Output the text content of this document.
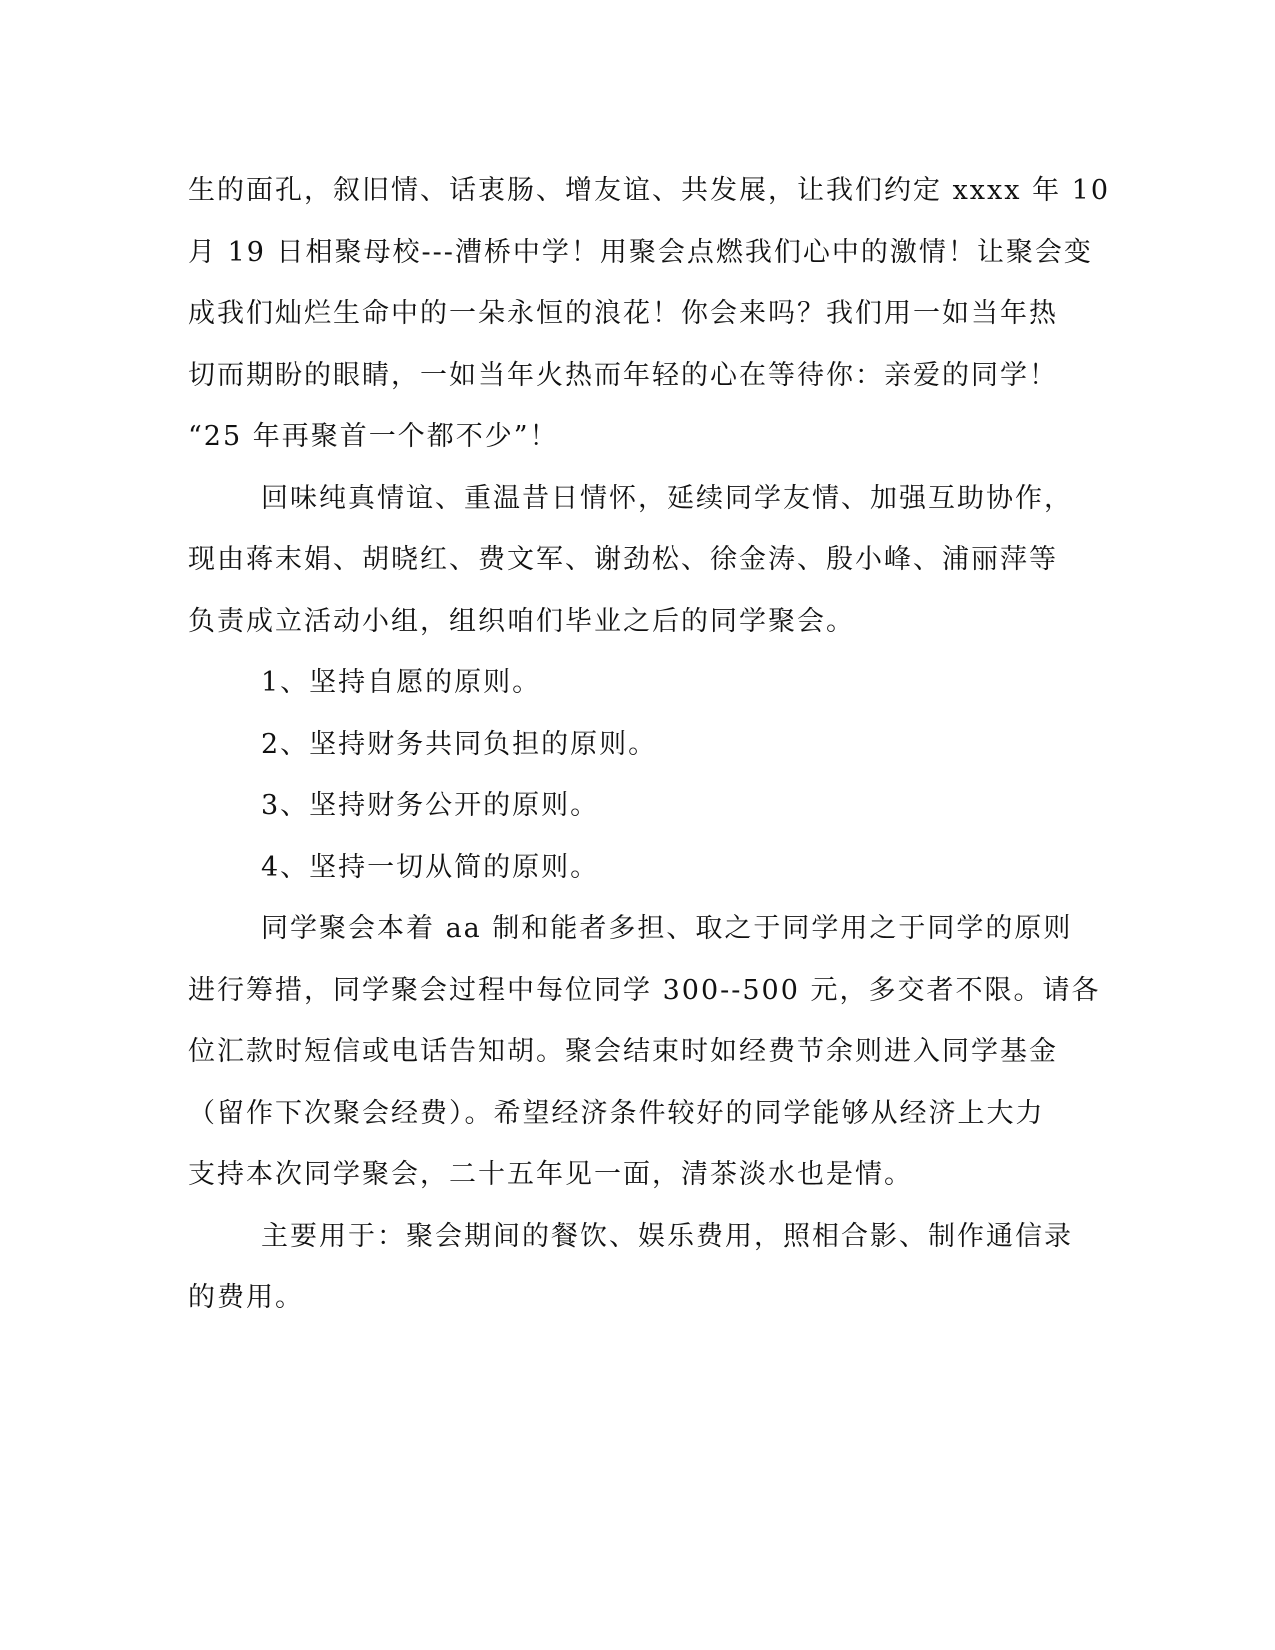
生的面孔，叙旧情、话衷肠、增友谊、共发展，让我们约定 xxxx 年 10
月 19 日相聚母校---漕桥中学！用聚会点燃我们心中的激情！让聚会变
成我们灿烂生命中的一朵永恒的浪花！你会来吗？我们用一如当年热
切而期盼的眼睛，一如当年火热而年轻的心在等待你：亲爱的同学！
“25 年再聚首一个都不少”！
回味纯真情谊、重温昔日情怀，延续同学友情、加强互助协作，
现由蒋末娟、胡晓红、费文军、谢劲松、徐金涛、殷小峰、浦丽萍等
负责成立活动小组，组织咱们毕业之后的同学聚会。
1、坚持自愿的原则。
2、坚持财务共同负担的原则。
3、坚持财务公开的原则。
4、坚持一切从简的原则。
同学聚会本着 aa 制和能者多担、取之于同学用之于同学的原则
进行筹措，同学聚会过程中每位同学 300--500 元，多交者不限。请各
位汇款时短信或电话告知胡。聚会结束时如经费节余则进入同学基金
（留作下次聚会经费）。希望经济条件较好的同学能够从经济上大力
支持本次同学聚会，二十五年见一面，清茶淡水也是情。
主要用于：聚会期间的餐饮、娱乐费用，照相合影、制作通信录
的费用。
